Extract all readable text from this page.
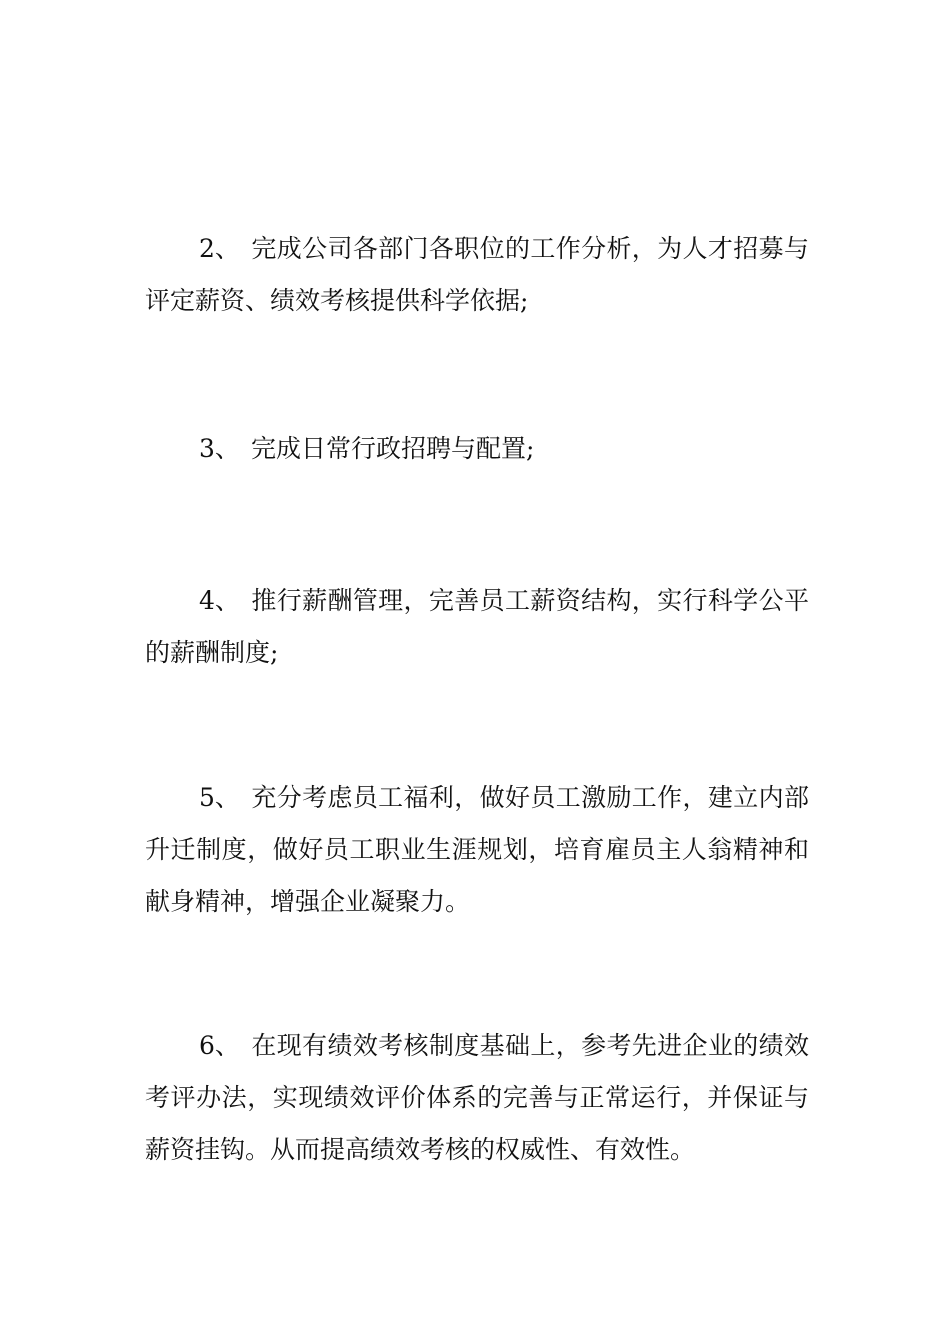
2、 完成公司各部门各职位的工作分析，为人才招募与评定薪资、绩效考核提供科学依据;

3、 完成日常行政招聘与配置;

4、 推行薪酬管理，完善员工薪资结构，实行科学公平的薪酬制度;

5、 充分考虑员工福利，做好员工激励工作，建立内部升迁制度，做好员工职业生涯规划，培育雇员主人翁精神和献身精神，增强企业凝聚力。

6、 在现有绩效考核制度基础上，参考先进企业的绩效考评办法，实现绩效评价体系的完善与正常运行，并保证与薪资挂钩。从而提高绩效考核的权威性、有效性。
